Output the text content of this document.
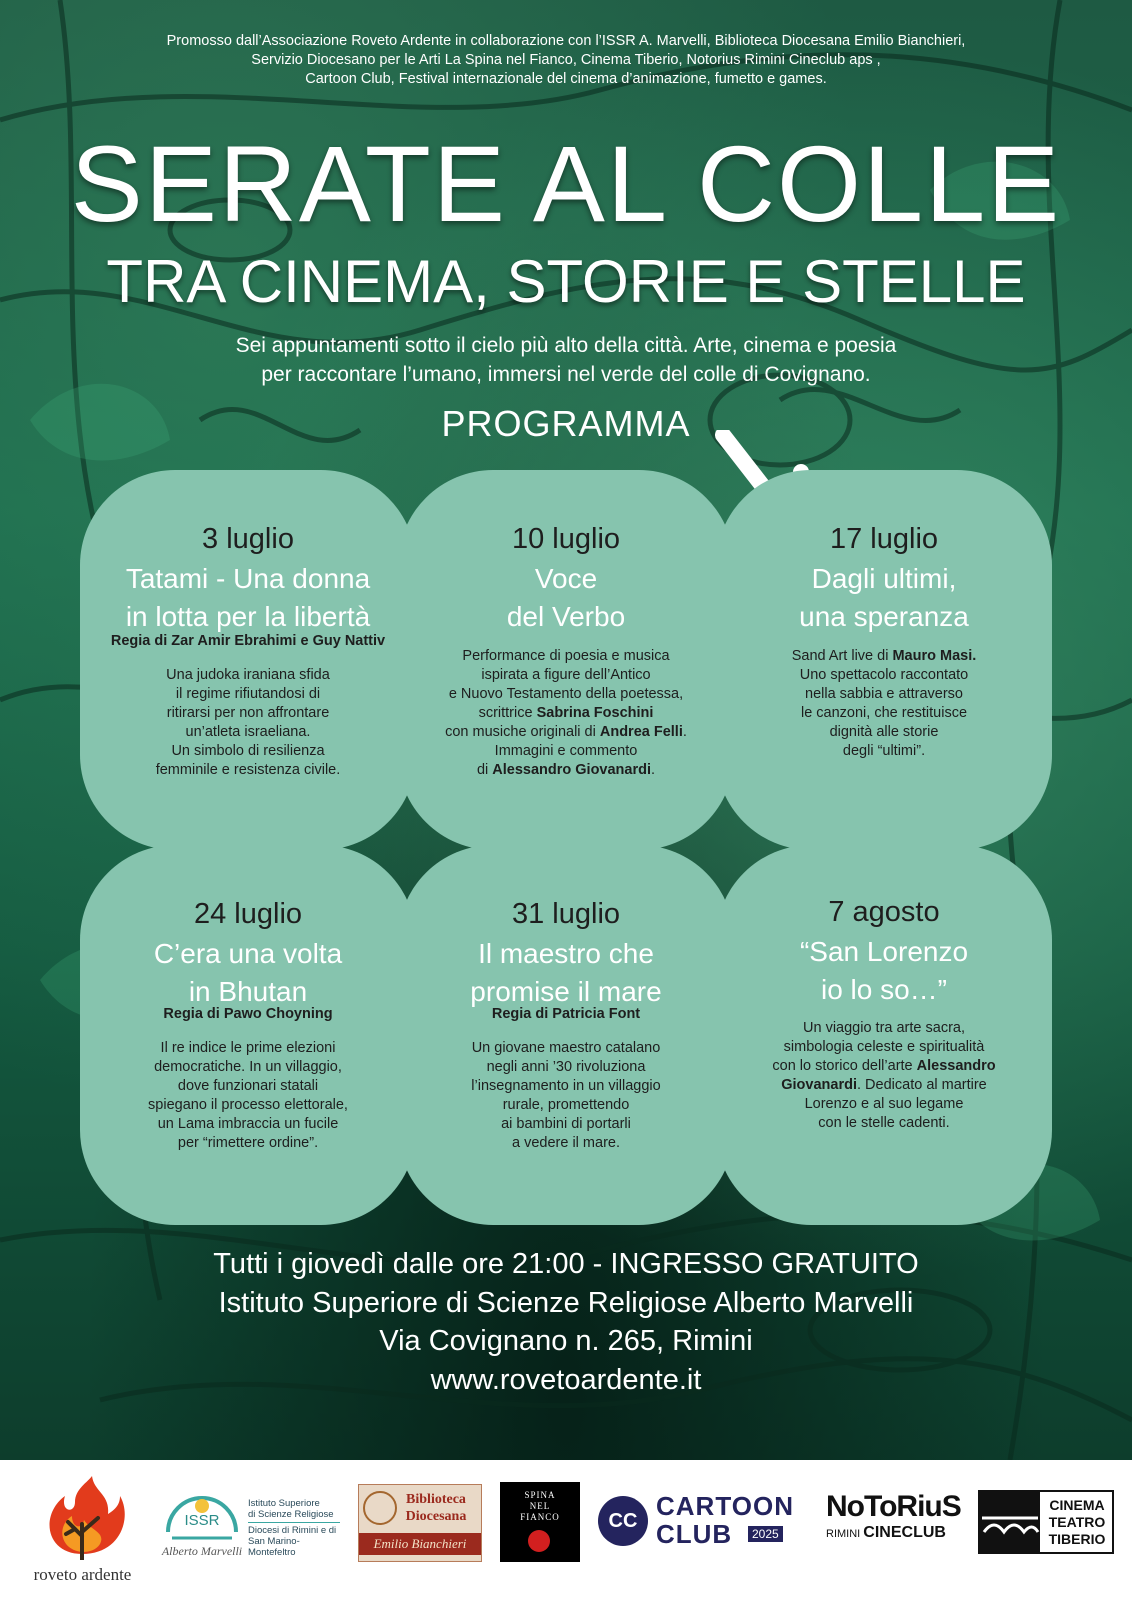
Promosso dall’Associazione Roveto Ardente in collaborazione con l’ISSR A. Marvelli, Biblioteca Diocesana Emilio Bianchieri,
Servizio Diocesano per le Arti La Spina nel Fianco, Cinema Tiberio, Notorius Rimini Cineclub aps ,
Cartoon Club, Festival internazionale del cinema d’animazione, fumetto e games.
SERATE AL COLLE
TRA CINEMA, STORIE E STELLE
Sei appuntamenti sotto il cielo più alto della città. Arte, cinema e poesia
per raccontare l’umano, immersi nel verde del colle di Covignano.
PROGRAMMA
3 luglio
Tatami - Una donna
in lotta per la libertà
Regia di Zar Amir Ebrahimi e Guy Nattiv
Una judoka iraniana sfida
il regime rifiutandosi di
ritirarsi per non affrontare
un’atleta israeliana.
Un simbolo di resilienza
femminile e resistenza civile.
10 luglio
Voce
del Verbo
Performance di poesia e musica
ispirata a figure dell’Antico
e Nuovo Testamento della poetessa,
scrittrice Sabrina Foschini
con musiche originali di Andrea Felli.
Immagini e commento
di Alessandro Giovanardi.
17 luglio
Dagli ultimi,
una speranza
Sand Art live di Mauro Masi.
Uno spettacolo raccontato
nella sabbia e attraverso
le canzoni, che restituisce
dignità alle storie
degli “ultimi”.
24 luglio
C’era una volta
in Bhutan
Regia di Pawo Choyning
Il re indice le prime elezioni
democratiche. In un villaggio,
dove funzionari statali
spiegano il processo elettorale,
un Lama imbraccia un fucile
per “rimettere ordine”.
31 luglio
Il maestro che
promise il mare
Regia di Patricia Font
Un giovane maestro catalano
negli anni ’30 rivoluziona
l’insegnamento in un villaggio
rurale, promettendo
ai bambini di portarli
a vedere il mare.
7 agosto
“San Lorenzo
io lo so…”
Un viaggio tra arte sacra,
simbologia celeste e spiritualità
con lo storico dell’arte Alessandro
Giovanardi. Dedicato al martire
Lorenzo e al suo legame
con le stelle cadenti.
Tutti i giovedì dalle ore 21:00 - INGRESSO GRATUITO
Istituto Superiore di Scienze Religiose Alberto Marvelli
Via Covignano n. 265, Rimini
www.rovetoardente.it
roveto ardente
ISSR
Alberto Marvelli
Istituto Superiore
di Scienze Religiose
Diocesi di Rimini e di
San Marino-Montefeltro
Biblioteca
Diocesana
Emilio Bianchieri
SPINA
NEL
FIANCO	CC CARTOON
CLUB	2025
NoToRiuS
RIMINI CINECLUB
CINEMA
TEATRO
TIBERIO
